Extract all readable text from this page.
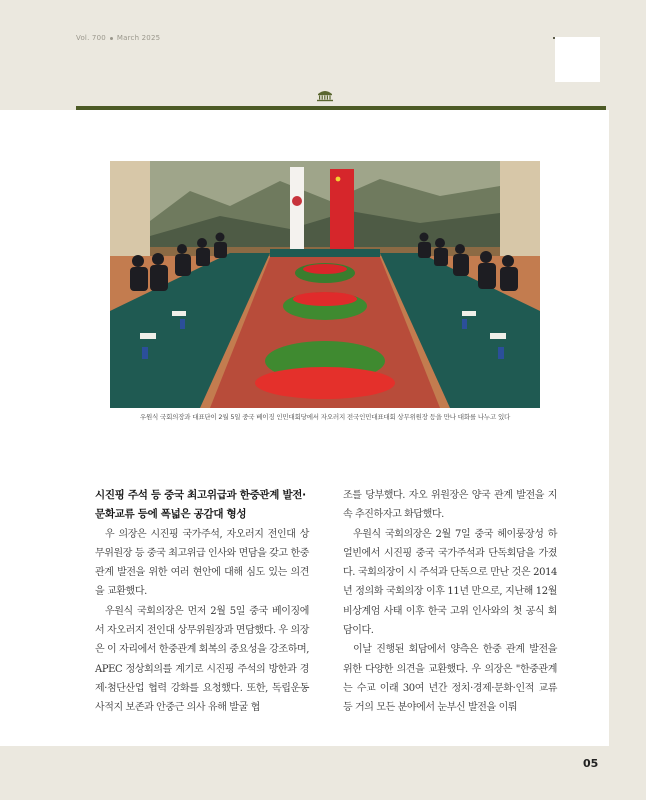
Vol. 700 March 2025
우원식 국회의장과 대표단이 2월 5일 중국 베이징 인민대회당에서 자오러지 전국인민대표대회 상무위원장 등을 만나 대화를 나누고 있다

시진핑 주석 등 중국 최고위급과 한중관계 발전·

문화교류 등에 폭넓은 공감대 형성

우 의장은 시진핑 국가주석, 자오러지 전인대 상무위원장 등 중국 최고위급 인사와 면담을 갖고 한중관계 발전을 위한 여러 현안에 대해 심도 있는 의견을 교환했다.

우원식 국회의장은 먼저 2월 5일 중국 베이징에서 자오러지 전인대 상무위원장과 면담했다. 우 의장은 이 자리에서 한중관계 회복의 중요성을 강조하며, APEC 정상회의를 계기로 시진핑 주석의 방한과 경제·첨단산업 협력 강화를 요청했다. 또한, 독립운동 사적지 보존과 안중근 의사 유해 발굴 협

조를 당부했다. 자오 위원장은 양국 관계 발전을 지속 추진하자고 화답했다.

우원식 국회의장은 2월 7일 중국 헤이룽장성 하얼빈에서 시진핑 중국 국가주석과 단독회담을 가졌다. 국회의장이 시 주석과 단독으로 만난 것은 2014년 정의화 국회의장 이후 11년 만으로, 지난해 12월 비상계엄 사태 이후 한국 고위 인사와의 첫 공식 회담이다.

이날 진행된 회담에서 양측은 한중 관계 발전을 위한 다양한 의견을 교환했다. 우 의장은 "한중관계는 수교 이래 30여 년간 정치·경제·문화·인적 교류 등 거의 모든 분야에서 눈부신 발전을 이뤄

05
